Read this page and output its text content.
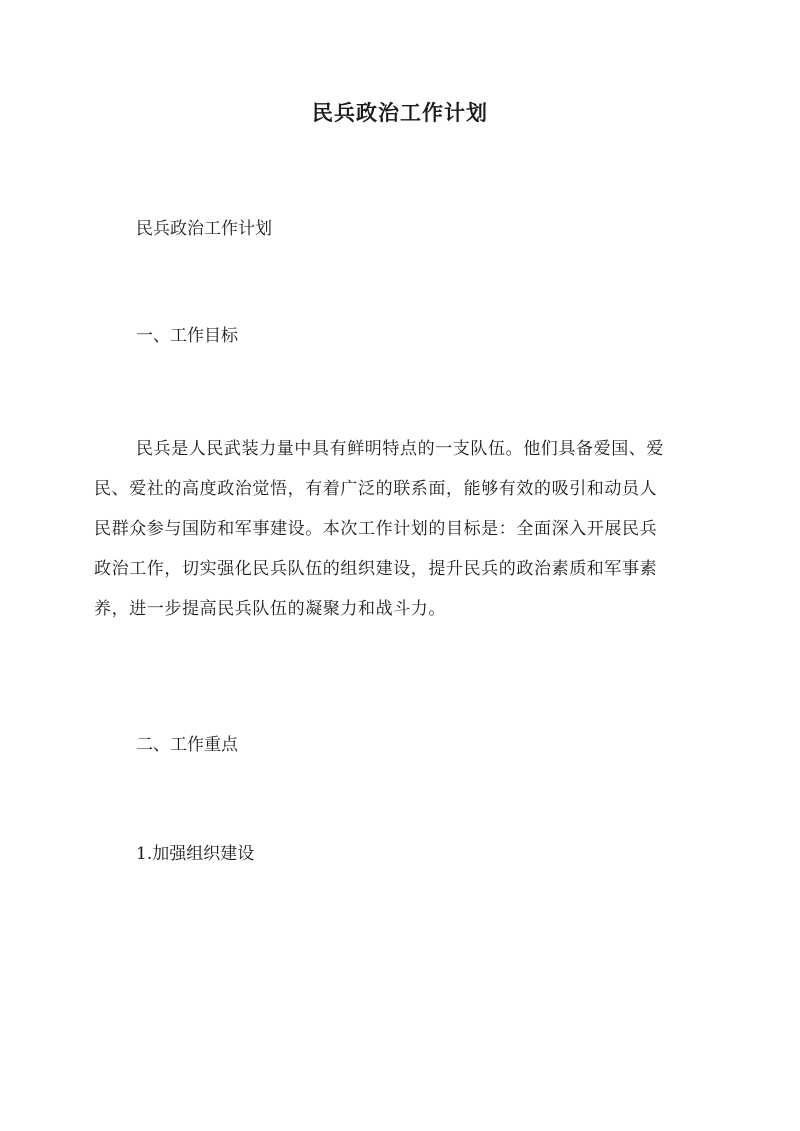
民兵政治工作计划
民兵政治工作计划
一、工作目标
民兵是人民武装力量中具有鲜明特点的一支队伍。他们具备爱国、爱
民、爱社的高度政治觉悟，有着广泛的联系面，能够有效的吸引和动员人
民群众参与国防和军事建设。本次工作计划的目标是：全面深入开展民兵
政治工作，切实强化民兵队伍的组织建设，提升民兵的政治素质和军事素
养，进一步提高民兵队伍的凝聚力和战斗力。
二、工作重点
1.加强组织建设
